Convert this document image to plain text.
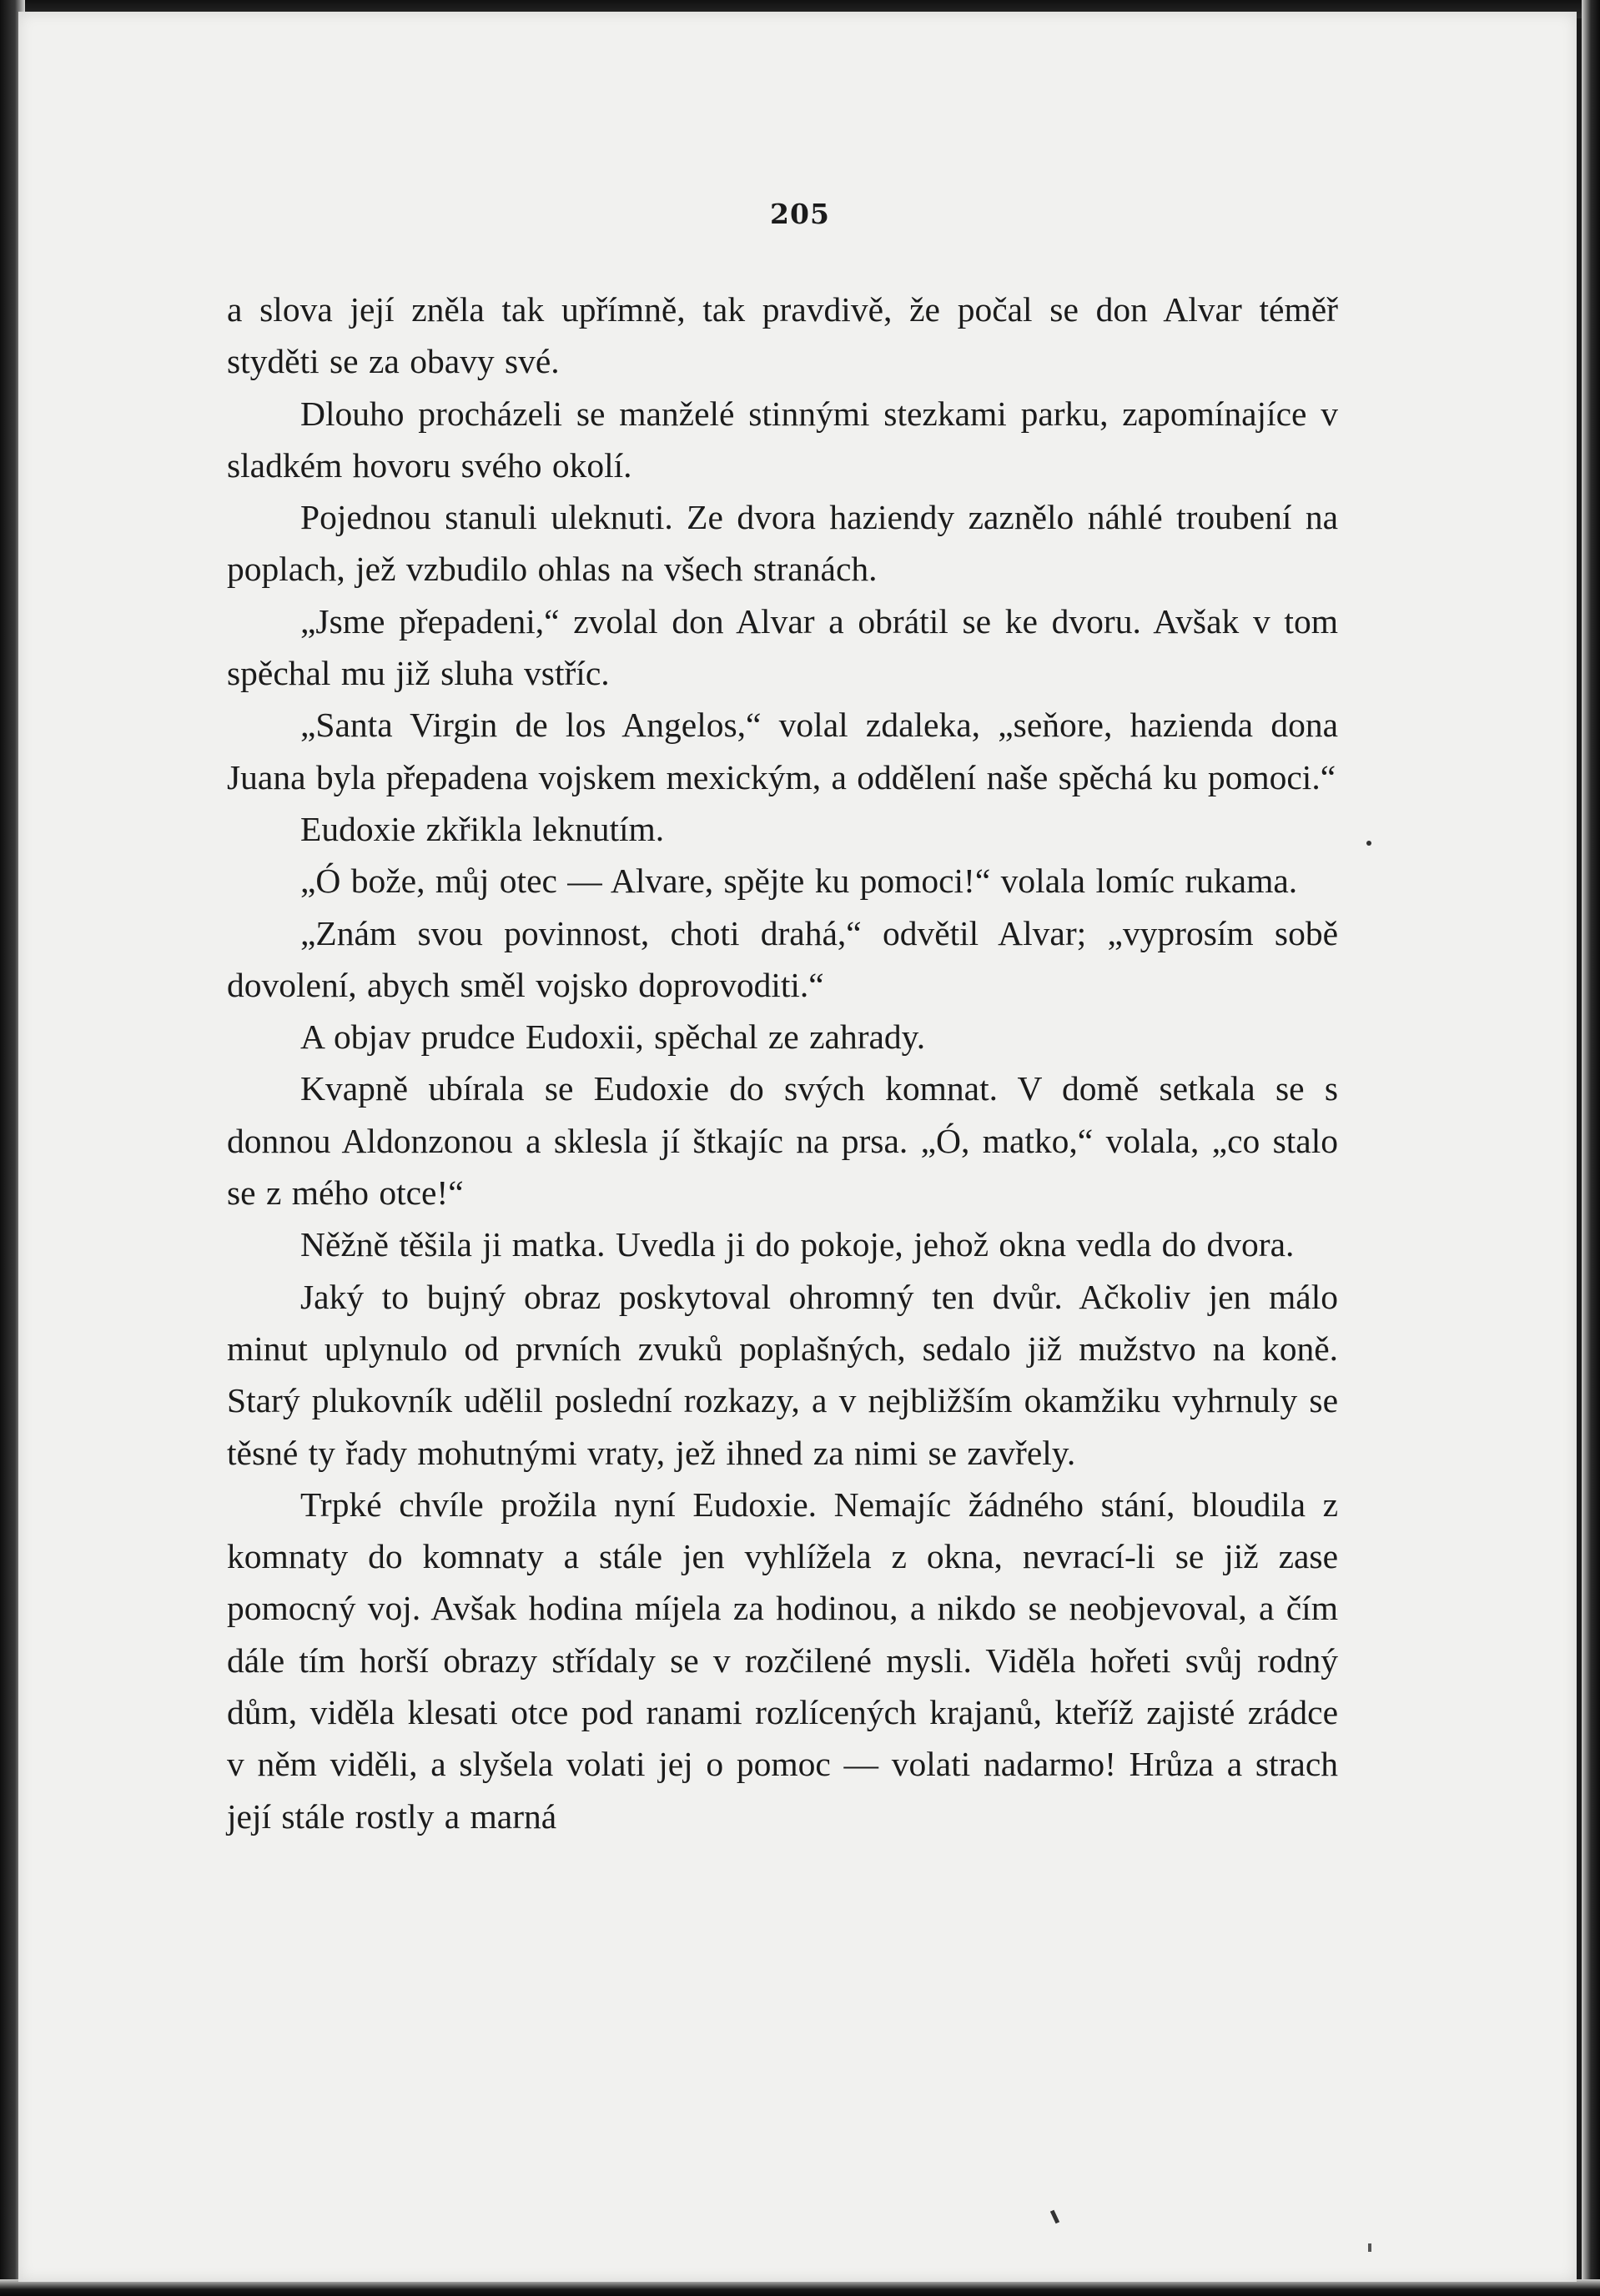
205

a slova její zněla tak upřímně, tak pravdivě, že počal se don Alvar téměř styděti se za obavy své.

Dlouho procházeli se manželé stinnými stezkami parku, zapomínajíce v sladkém hovoru svého okolí.

Pojednou stanuli uleknuti. Ze dvora haziendy zaznělo náhlé troubení na poplach, jež vzbudilo ohlas na všech stranách.

„Jsme přepadeni,“ zvolal don Alvar a obrátil se ke dvoru. Avšak v tom spěchal mu již sluha vstříc.

„Santa Virgin de los Angelos,“ volal zdaleka, „seňore, hazienda dona Juana byla přepadena vojskem mexickým, a oddělení naše spěchá ku pomoci.“

Eudoxie zkřikla leknutím.

„Ó bože, můj otec — Alvare, spějte ku pomoci!“ volala lomíc rukama.

„Znám svou povinnost, choti drahá,“ odvětil Alvar; „vyprosím sobě dovolení, abych směl vojsko doprovoditi.“

A objav prudce Eudoxii, spěchal ze zahrady.

Kvapně ubírala se Eudoxie do svých komnat. V domě setkala se s donnou Aldonzonou a sklesla jí štkajíc na prsa. „Ó, matko,“ volala, „co stalo se z mého otce!“

Něžně těšila ji matka. Uvedla ji do pokoje, jehož okna vedla do dvora.

Jaký to bujný obraz poskytoval ohromný ten dvůr. Ačkoliv jen málo minut uplynulo od prvních zvuků poplašných, sedalo již mužstvo na koně. Starý plukovník udělil poslední rozkazy, a v nejbližším okamžiku vyhrnuly se těsné ty řady mohutnými vraty, jež ihned za nimi se zavřely.

Trpké chvíle prožila nyní Eudoxie. Nemajíc žádného stání, bloudila z komnaty do komnaty a stále jen vyhlížela z okna, nevrací-li se již zase pomocný voj. Avšak hodina míjela za hodinou, a nikdo se neobjevoval, a čím dále tím horší obrazy střídaly se v rozčilené mysli. Viděla hořeti svůj rodný dům, viděla klesati otce pod ranami rozlícených krajanů, kteříž zajisté zrádce v něm viděli, a slyšela volati jej o pomoc — volati nadarmo! Hrůza a strach její stále rostly a marná
